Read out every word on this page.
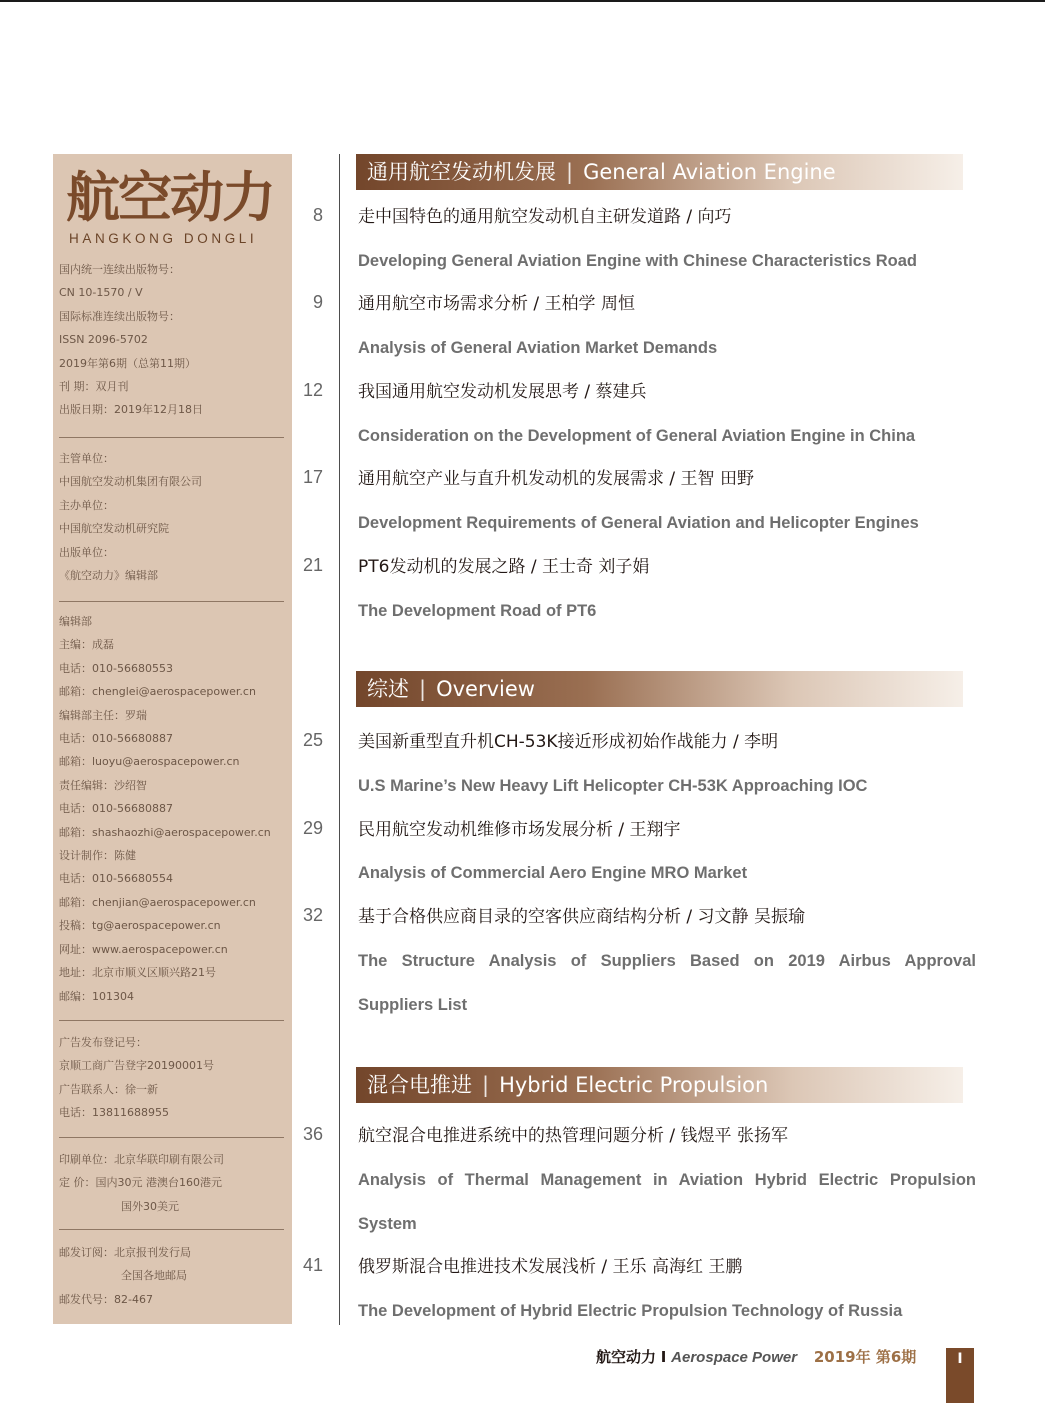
航空动力
HANGKONG DONGLI
国内统一连续出版物号：
CN 10-1570 / V
国际标准连续出版物号：
ISSN 2096-5702
2019年第6期（总第11期）
刊 期：双月刊
出版日期：2019年12月18日
主管单位：
中国航空发动机集团有限公司
主办单位：
中国航空发动机研究院
出版单位：
《航空动力》编辑部
编辑部
主编：成磊
电话：010-56680553
邮箱：chenglei@aerospacepower.cn
编辑部主任：罗瑞
电话：010-56680887
邮箱：luoyu@aerospacepower.cn
责任编辑：沙绍智
电话：010-56680887
邮箱：shashaozhi@aerospacepower.cn
设计制作：陈健
电话：010-56680554
邮箱：chenjian@aerospacepower.cn
投稿：tg@aerospacepower.cn
网址：www.aerospacepower.cn
地址：北京市顺义区顺兴路21号
邮编：101304
广告发布登记号：
京顺工商广告登字20190001号
广告联系人：徐一新
电话：13811688955
印刷单位：北京华联印刷有限公司
定 价：国内30元 港澳台160港元
国外30美元
邮发订阅：北京报刊发行局
全国各地邮局
邮发代号：82-467
通用航空发动机发展 | General Aviation Engine
8 走中国特色的通用航空发动机自主研发道路 / 向巧
Developing General Aviation Engine with Chinese Characteristics Road
9 通用航空市场需求分析 / 王柏学 周恒
Analysis of General Aviation Market Demands
12 我国通用航空发动机发展思考 / 蔡建兵
Consideration on the Development of General Aviation Engine in China
17 通用航空产业与直升机发动机的发展需求 / 王智 田野
Development Requirements of General Aviation and Helicopter Engines
21 PT6发动机的发展之路 / 王士奇 刘子娟
The Development Road of PT6
综述 | Overview
25 美国新重型直升机CH-53K接近形成初始作战能力 / 李明
U.S Marine’s New Heavy Lift Helicopter CH-53K Approaching IOC
29 民用航空发动机维修市场发展分析 / 王翔宇
Analysis of Commercial Aero Engine MRO Market
32 基于合格供应商目录的空客供应商结构分析 / 习文静 吴振瑜
The Structure Analysis of Suppliers Based on 2019 Airbus Approval
Suppliers List
混合电推进 | Hybrid Electric Propulsion
36 航空混合电推进系统中的热管理问题分析 / 钱煜平 张扬军
Analysis of Thermal Management in Aviation Hybrid Electric Propulsion
System
41 俄罗斯混合电推进技术发展浅析 / 王乐 高海红 王鹏
The Development of Hybrid Electric Propulsion Technology of Russia
航空动力 I Aerospace Power 2019年 第6期	I
